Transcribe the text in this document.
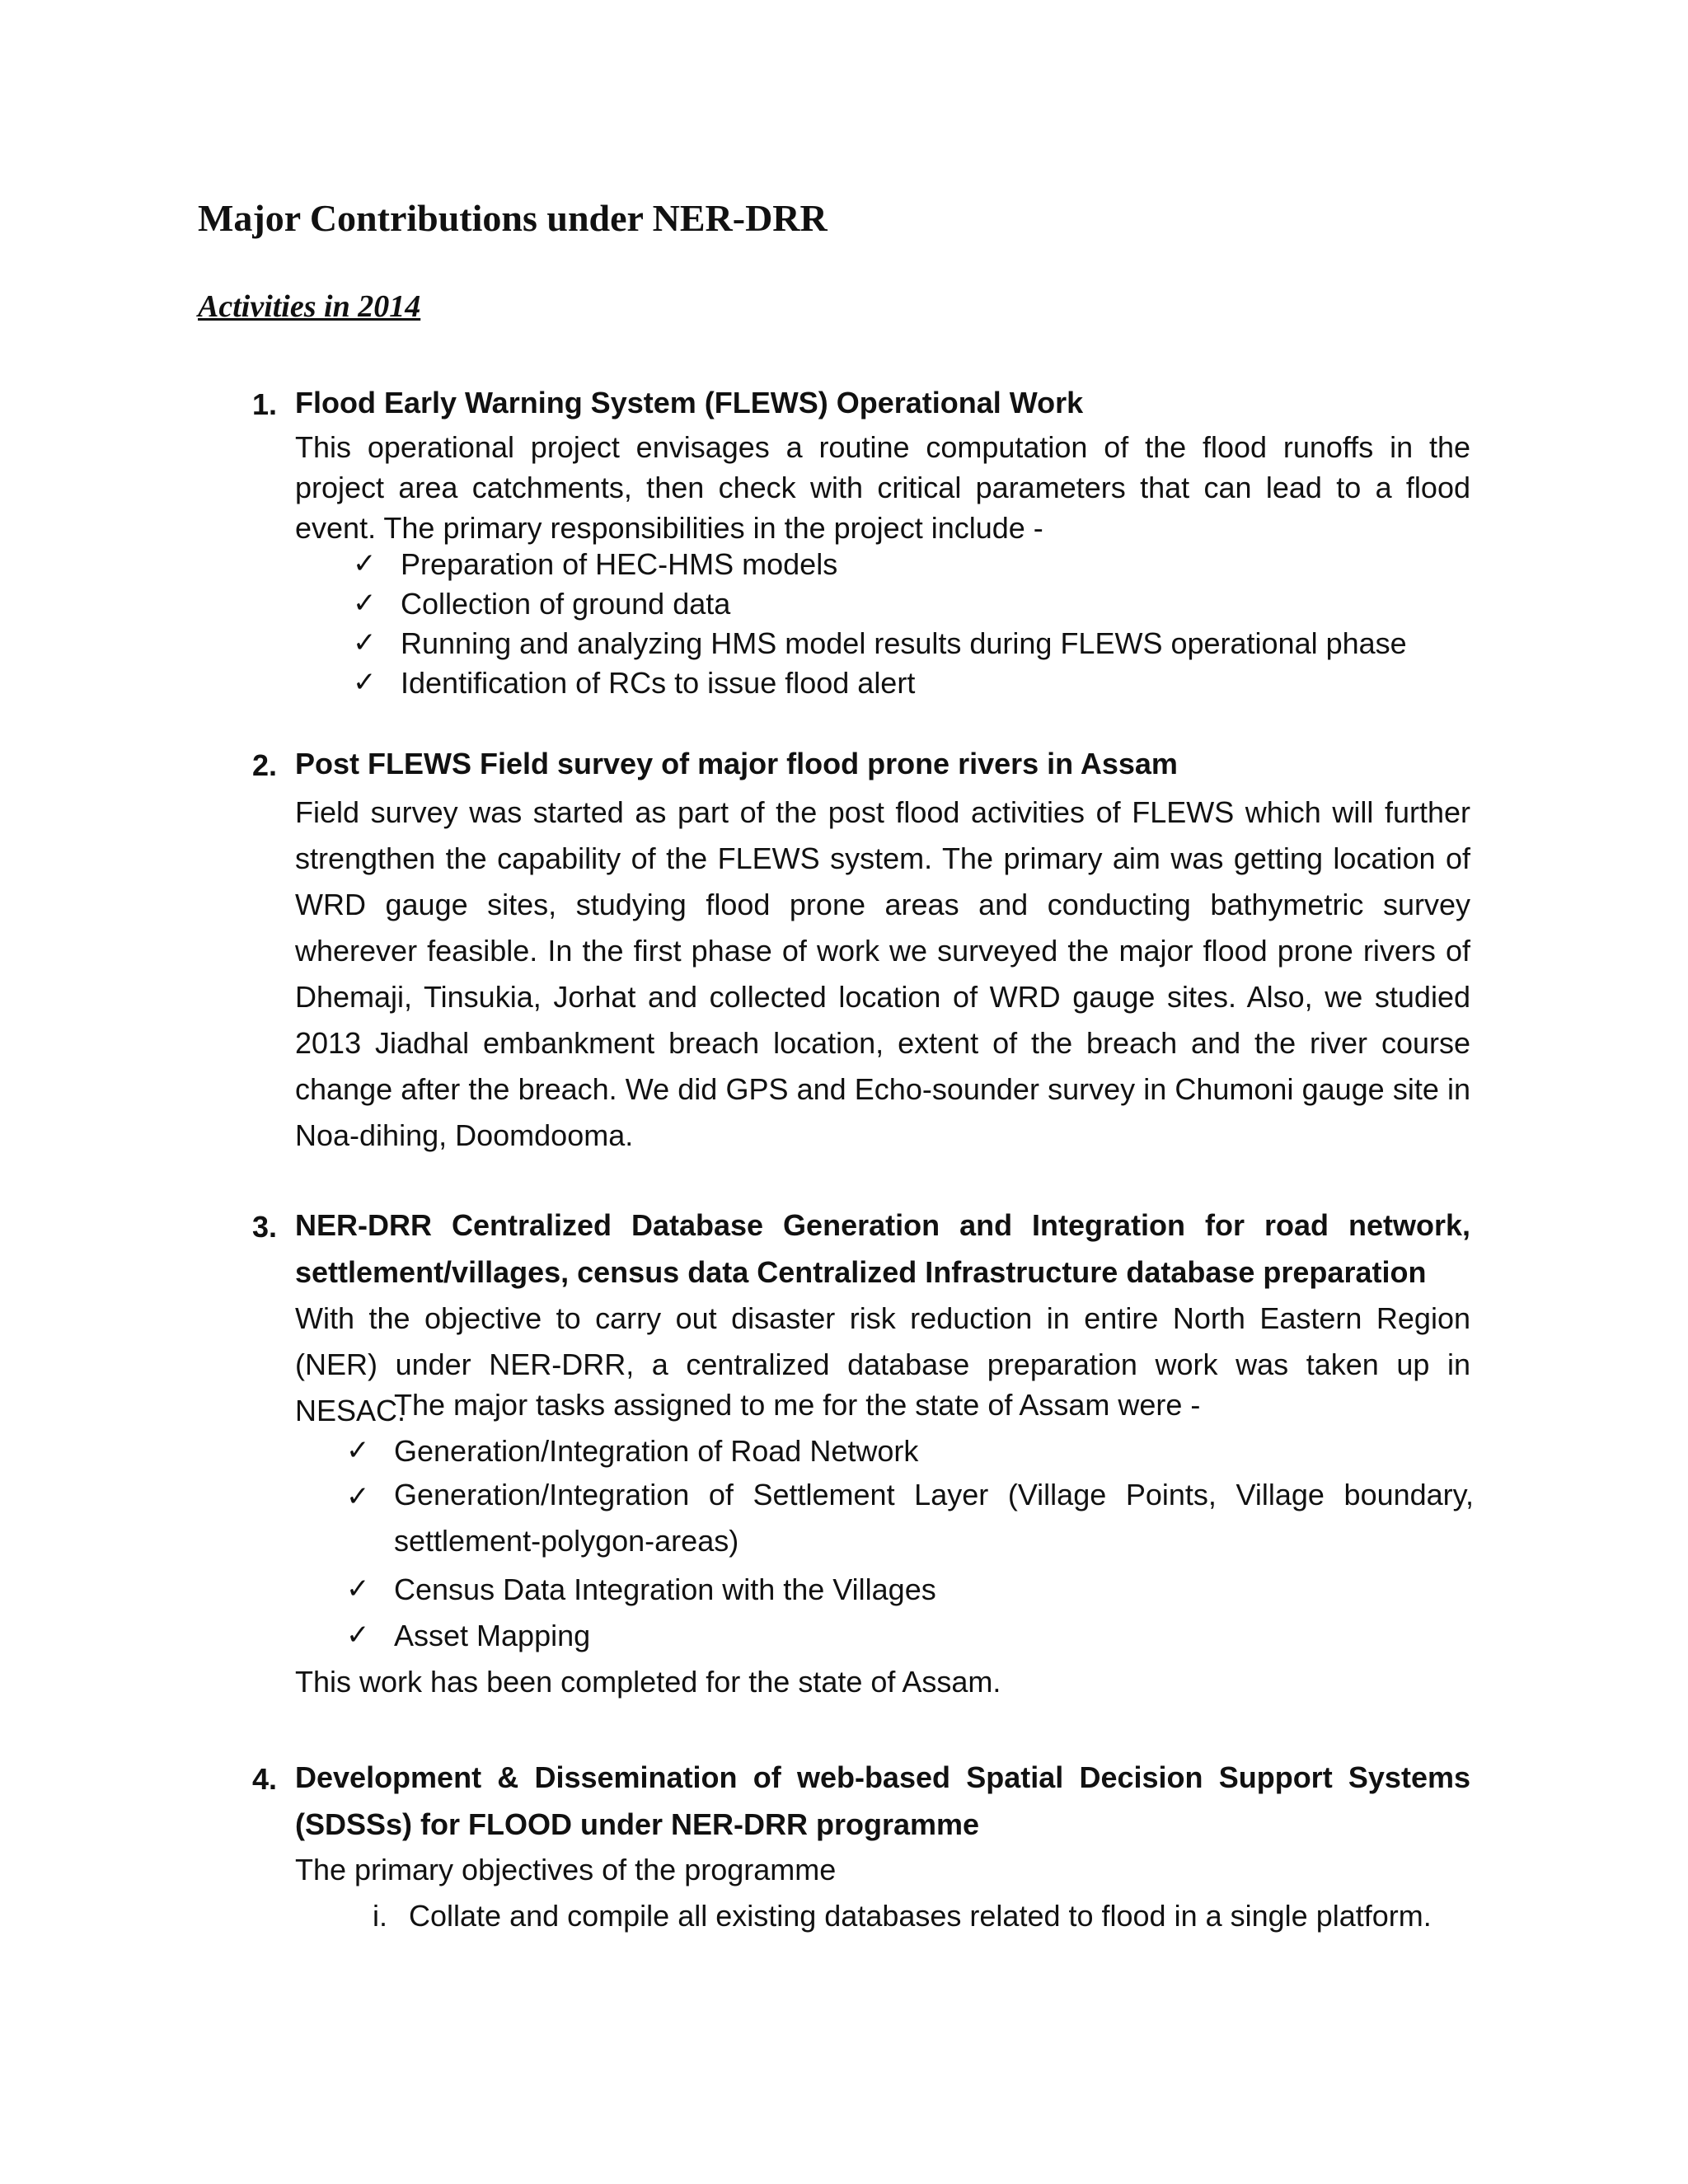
Major Contributions under NER-DRR
Activities in 2014
1. Flood Early Warning System (FLEWS) Operational Work

This operational project envisages a routine computation of the flood runoffs in the project area catchments, then check with critical parameters that can lead to a flood event. The primary responsibilities in the project include -

✓ Preparation of HEC-HMS models
✓ Collection of ground data
✓ Running and analyzing HMS model results during FLEWS operational phase
✓ Identification of RCs to issue flood alert
2. Post FLEWS Field survey of major flood prone rivers in Assam

Field survey was started as part of the post flood activities of FLEWS which will further strengthen the capability of the FLEWS system. The primary aim was getting location of WRD gauge sites, studying flood prone areas and conducting bathymetric survey wherever feasible. In the first phase of work we surveyed the major flood prone rivers of Dhemaji, Tinsukia, Jorhat and collected location of WRD gauge sites. Also, we studied 2013 Jiadhal embankment breach location, extent of the breach and the river course change after the breach. We did GPS and Echo-sounder survey in Chumoni gauge site in Noa-dihing, Doomdooma.

3. NER-DRR Centralized Database Generation and Integration for road network, settlement/villages, census data Centralized Infrastructure database preparation

With the objective to carry out disaster risk reduction in entire North Eastern Region (NER) under NER-DRR, a centralized database preparation work was taken up in NESAC.

The major tasks assigned to me for the state of Assam were -
✓ Generation/Integration of Road Network
✓ Generation/Integration of Settlement Layer (Village Points, Village boundary, settlement-polygon-areas)
✓ Census Data Integration with the Villages
✓ Asset Mapping
This work has been completed for the state of Assam.
4. Development & Dissemination of web-based Spatial Decision Support Systems (SDSSs) for FLOOD under NER-DRR programme
The primary objectives of the programme
i. Collate and compile all existing databases related to flood in a single platform.
